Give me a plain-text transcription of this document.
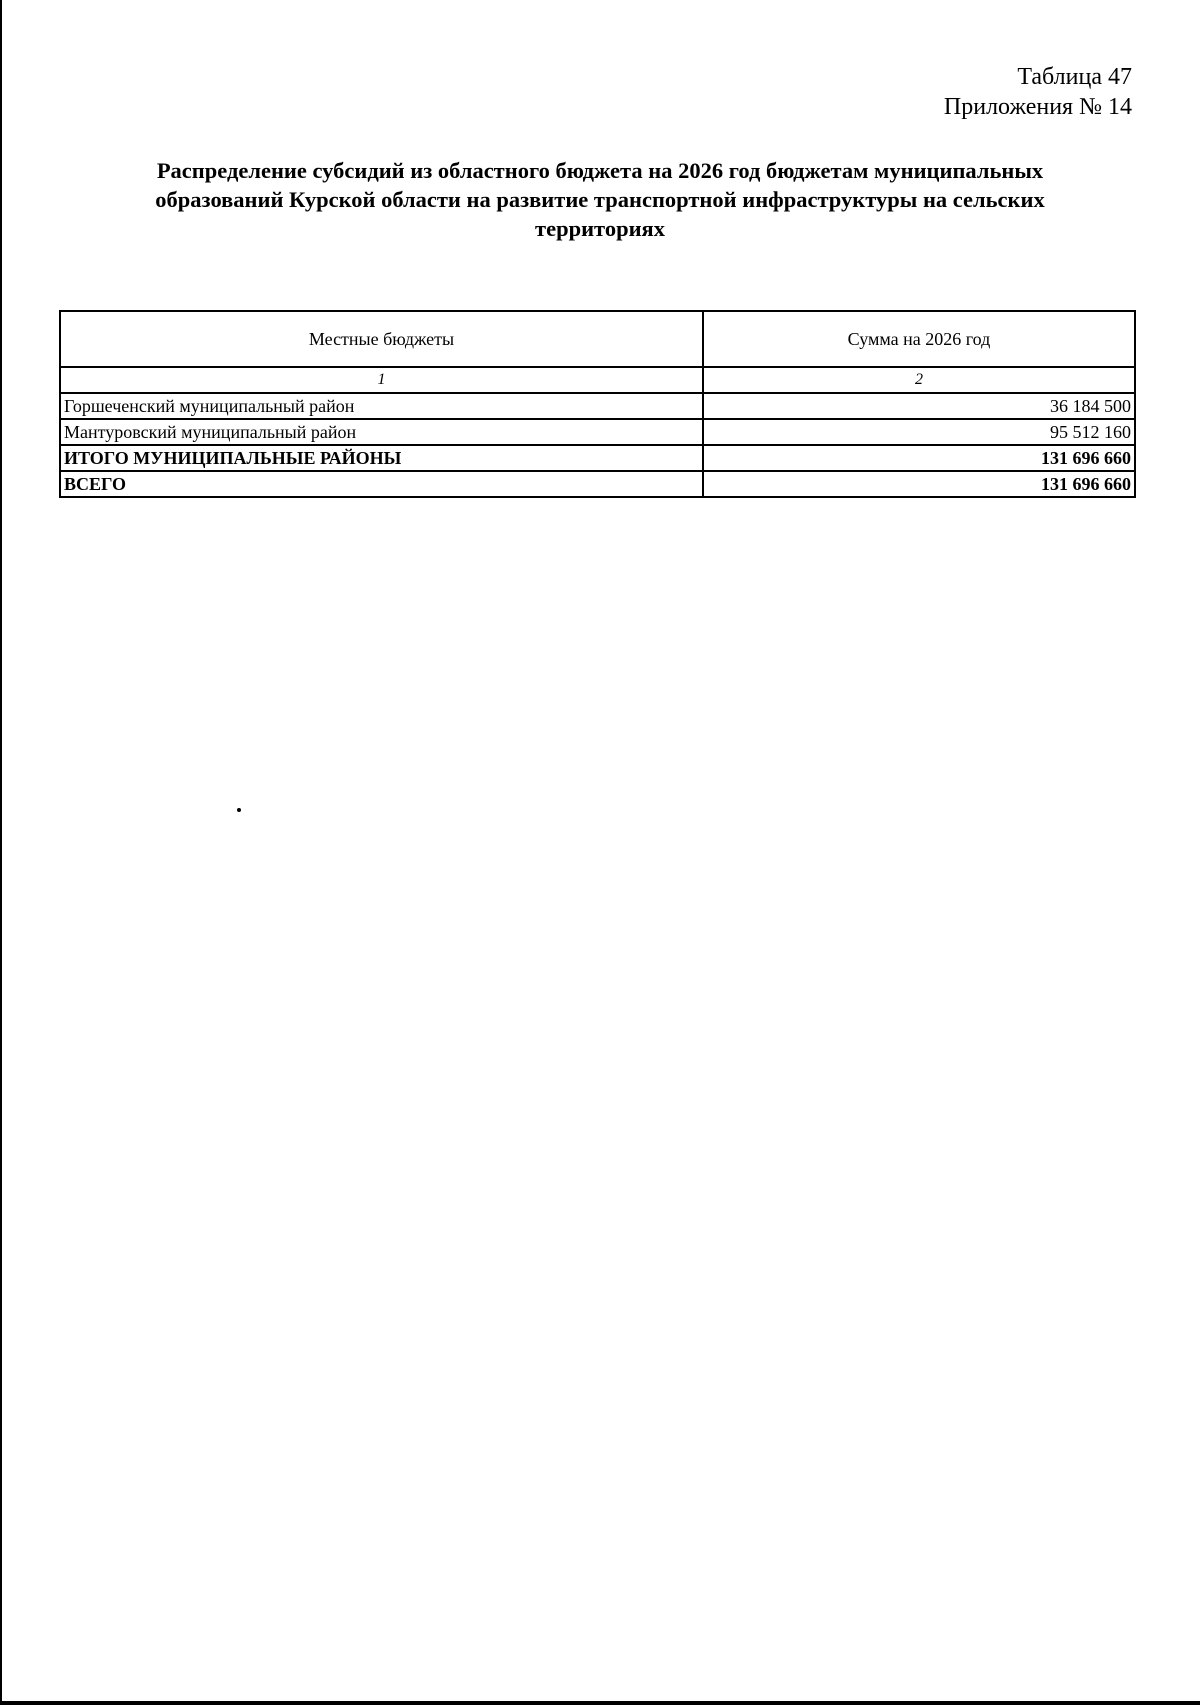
Таблица 47
Приложения № 14
Распределение субсидий из областного бюджета на 2026 год бюджетам муниципальных
образований Курской области на развитие транспортной инфраструктуры на сельских
территориях
Местные бюджеты	Сумма на 2026 год
1	2
Горшеченский муниципальный район	36 184 500
Мантуровский муниципальный район	95 512 160
ИТОГО МУНИЦИПАЛЬНЫЕ РАЙОНЫ	131 696 660
ВСЕГО	131 696 660
